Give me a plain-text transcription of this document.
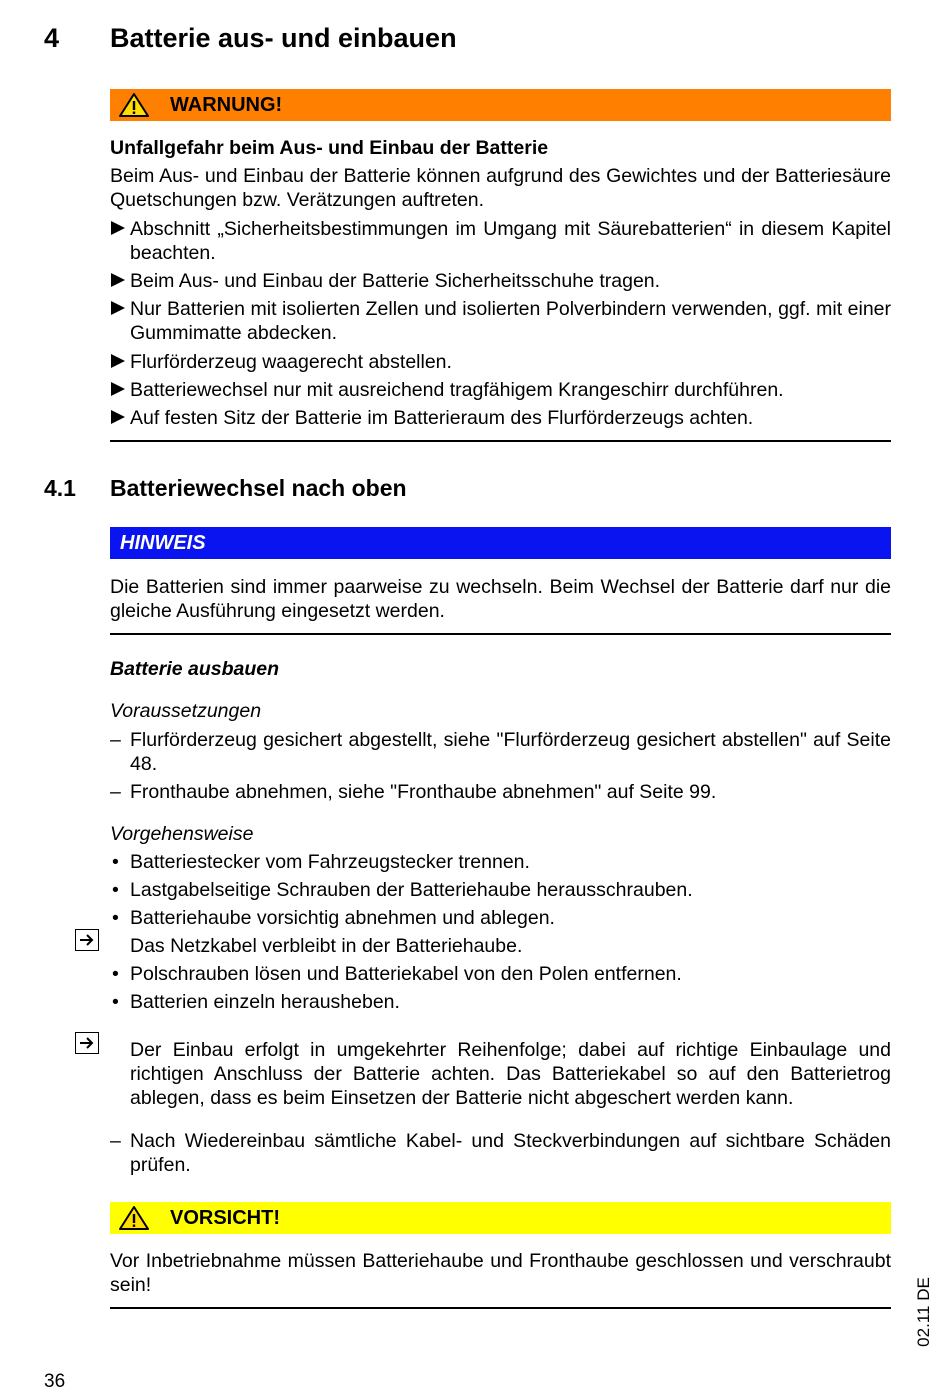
4 Batterie aus- und einbauen
WARNUNG!
Unfallgefahr beim Aus- und Einbau der Batterie
Beim Aus- und Einbau der Batterie können aufgrund des Gewichtes und der Batteriesäure Quetschungen bzw. Verätzungen auftreten.
Abschnitt „Sicherheitsbestimmungen im Umgang mit Säurebatterien“ in diesem Kapitel beachten.
Beim Aus- und Einbau der Batterie Sicherheitsschuhe tragen.
Nur Batterien mit isolierten Zellen und isolierten Polverbindern verwenden, ggf. mit einer Gummimatte abdecken.
Flurförderzeug waagerecht abstellen.
Batteriewechsel nur mit ausreichend tragfähigem Krangeschirr durchführen.
Auf festen Sitz der Batterie im Batterieraum des Flurförderzeugs achten.
4.1 Batteriewechsel nach oben
HINWEIS
Die Batterien sind immer paarweise zu wechseln. Beim Wechsel der Batterie darf nur die gleiche Ausführung eingesetzt werden.
Batterie ausbauen
Voraussetzungen
– Flurförderzeug gesichert abgestellt, siehe "Flurförderzeug gesichert abstellen" auf Seite 48.
– Fronthaube abnehmen, siehe "Fronthaube abnehmen" auf Seite 99.
Vorgehensweise
• Batteriestecker vom Fahrzeugstecker trennen.
• Lastgabelseitige Schrauben der Batteriehaube herausschrauben.
• Batteriehaube vorsichtig abnehmen und ablegen.
Das Netzkabel verbleibt in der Batteriehaube.
• Polschrauben lösen und Batteriekabel von den Polen entfernen.
• Batterien einzeln herausheben.
Der Einbau erfolgt in umgekehrter Reihenfolge; dabei auf richtige Einbaulage und richtigen Anschluss der Batterie achten. Das Batteriekabel so auf den Batterietrog ablegen, dass es beim Einsetzen der Batterie nicht abgeschert werden kann.
– Nach Wiedereinbau sämtliche Kabel- und Steckverbindungen auf sichtbare Schäden prüfen.
VORSICHT!
Vor Inbetriebnahme müssen Batteriehaube und Fronthaube geschlossen und verschraubt sein!
36
02.11 DE
